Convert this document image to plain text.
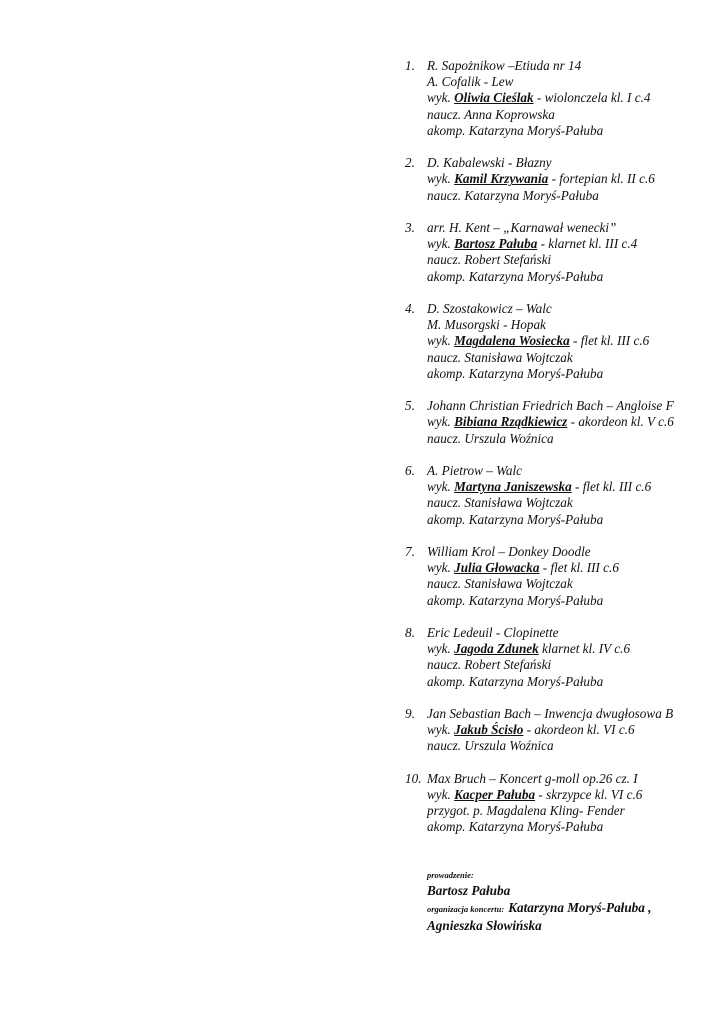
1. R. Sapożnikow –Etiuda nr 14
A. Cofalik - Lew
wyk. Oliwia Cieślak - wiolonczela kl. I c.4
naucz. Anna Koprowska
akomp. Katarzyna Moryś-Pałuba
2. D. Kabalewski - Błazny
wyk. Kamil Krzywania - fortepian kl. II c.6
naucz. Katarzyna Moryś-Pałuba
3. arr. H. Kent – „Karnawał wenecki”
wyk. Bartosz Pałuba - klarnet kl. III c.4
naucz. Robert Stefański
akomp. Katarzyna Moryś-Pałuba
4. D. Szostakowicz – Walc
M. Musorgski - Hopak
wyk. Magdalena Wosiecka - flet kl. III c.6
naucz. Stanisława Wojtczak
akomp. Katarzyna Moryś-Pałuba
5. Johann Christian Friedrich Bach – Angloise F
wyk. Bibiana Rządkiewicz - akordeon kl. V c.6
naucz. Urszula Woźnica
6. A. Pietrow – Walc
wyk. Martyna Janiszewska - flet kl. III c.6
naucz. Stanisława Wojtczak
akomp. Katarzyna Moryś-Pałuba
7. William Krol – Donkey Doodle
wyk. Julia Głowacka - flet kl. III c.6
naucz. Stanisława Wojtczak
akomp. Katarzyna Moryś-Pałuba
8. Eric Ledeuil - Clopinette
wyk. Jagoda Zdunek klarnet kl. IV c.6
naucz. Robert Stefański
akomp. Katarzyna Moryś-Pałuba
9. Jan Sebastian Bach – Inwencja dwugłosowa B
wyk. Jakub Ścisło - akordeon kl. VI c.6
naucz. Urszula Woźnica
10. Max Bruch – Koncert g-moll op.26 cz. I
wyk. Kacper Pałuba - skrzypce kl. VI c.6
przygot. p. Magdalena Kling- Fender
akomp. Katarzyna Moryś-Pałuba
prowadzenie:
Bartosz Pałuba
organizacja koncertu: Katarzyna Moryś-Pałuba ,
Agnieszka Słowińska
